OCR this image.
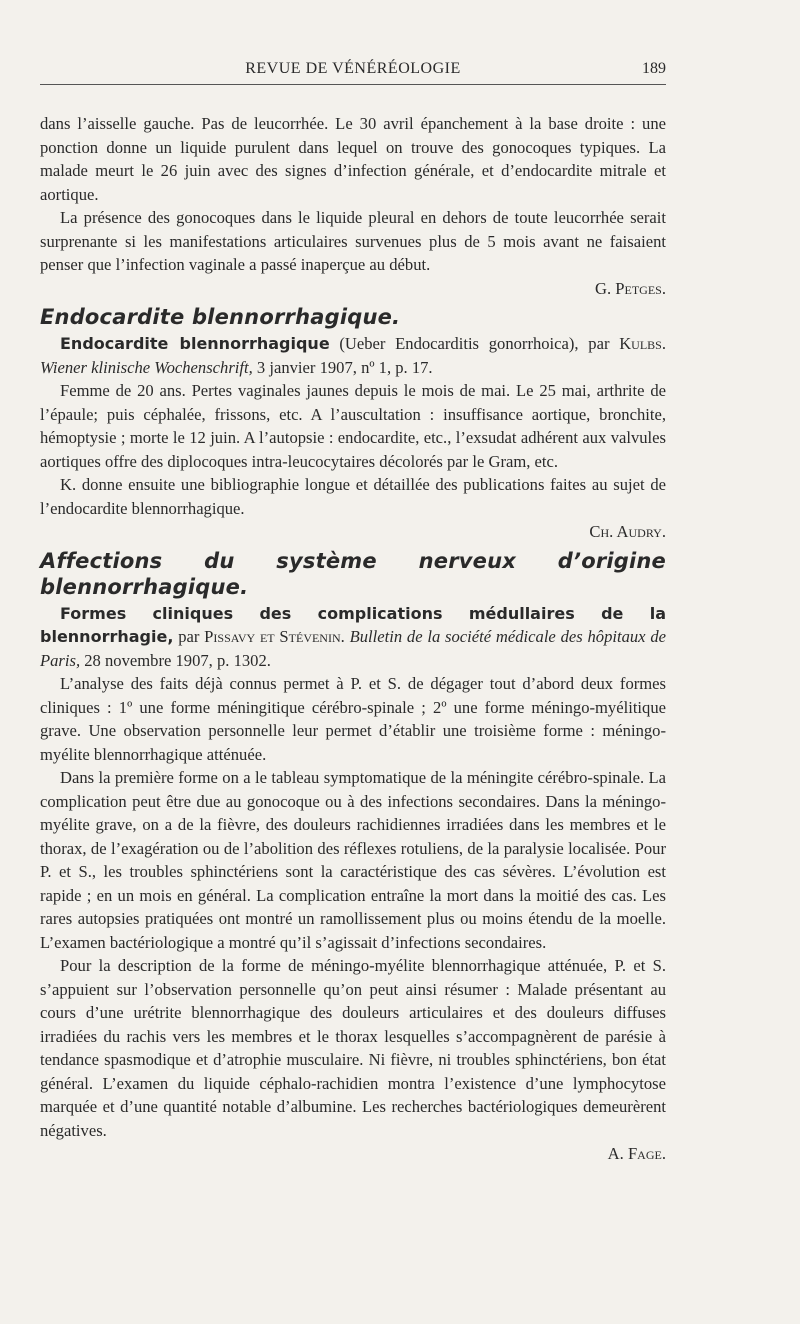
REVUE DE VÉNÉRÉOLOGIE	189

dans l’aisselle gauche. Pas de leucorrhée. Le 30 avril épanchement à la base droite : une ponction donne un liquide purulent dans lequel on trouve des gonocoques typiques. La malade meurt le 26 juin avec des signes d’infection générale, et d’endocardite mitrale et aortique.

La présence des gonocoques dans le liquide pleural en dehors de toute leucorrhée serait surprenante si les manifestations articulaires survenues plus de 5 mois avant ne faisaient penser que l’infection vaginale a passé inaperçue au début.
G. Petges.

Endocardite blennorrhagique.

Endocardite blennorrhagique (Ueber Endocarditis gonorrhoica), par Kulbs. Wiener klinische Wochenschrift, 3 janvier 1907, nº 1, p. 17.

Femme de 20 ans. Pertes vaginales jaunes depuis le mois de mai. Le 25 mai, arthrite de l’épaule; puis céphalée, frissons, etc. A l’auscultation : insuffisance aortique, bronchite, hémoptysie ; morte le 12 juin. A l’autopsie : endocardite, etc., l’exsudat adhérent aux valvules aortiques offre des diplocoques intra-leucocytaires décolorés par le Gram, etc.

K. donne ensuite une bibliographie longue et détaillée des publications faites au sujet de l’endocardite blennorrhagique.
Ch. Audry.

Affections du système nerveux d’origine blennorrhagique.

Formes cliniques des complications médullaires de la blennorrhagie, par Pissavy et Stévenin. Bulletin de la société médicale des hôpitaux de Paris, 28 novembre 1907, p. 1302.

L’analyse des faits déjà connus permet à P. et S. de dégager tout d’abord deux formes cliniques : 1º une forme méningitique cérébro-spinale ; 2º une forme méningo-myélitique grave. Une observation personnelle leur permet d’établir une troisième forme : méningo-myélite blennorrhagique atténuée.

Dans la première forme on a le tableau symptomatique de la méningite cérébro-spinale. La complication peut être due au gonocoque ou à des infections secondaires. Dans la méningo-myélite grave, on a de la fièvre, des douleurs rachidiennes irradiées dans les membres et le thorax, de l’exagération ou de l’abolition des réflexes rotuliens, de la paralysie localisée. Pour P. et S., les troubles sphinctériens sont la caractéristique des cas sévères. L’évolution est rapide ; en un mois en général. La complication entraîne la mort dans la moitié des cas. Les rares autopsies pratiquées ont montré un ramollissement plus ou moins étendu de la moelle. L’examen bactériologique a montré qu’il s’agissait d’infections secondaires.

Pour la description de la forme de méningo-myélite blennorrhagique atténuée, P. et S. s’appuient sur l’observation personnelle qu’on peut ainsi résumer : Malade présentant au cours d’une urétrite blennorrhagique des douleurs articulaires et des douleurs diffuses irradiées du rachis vers les membres et le thorax lesquelles s’accompagnèrent de parésie à tendance spasmodique et d’atrophie musculaire. Ni fièvre, ni troubles sphinctériens, bon état général. L’examen du liquide céphalo-rachidien montra l’existence d’une lymphocytose marquée et d’une quantité notable d’albumine. Les recherches bactériologiques demeurèrent négatives.
A. Fage.
